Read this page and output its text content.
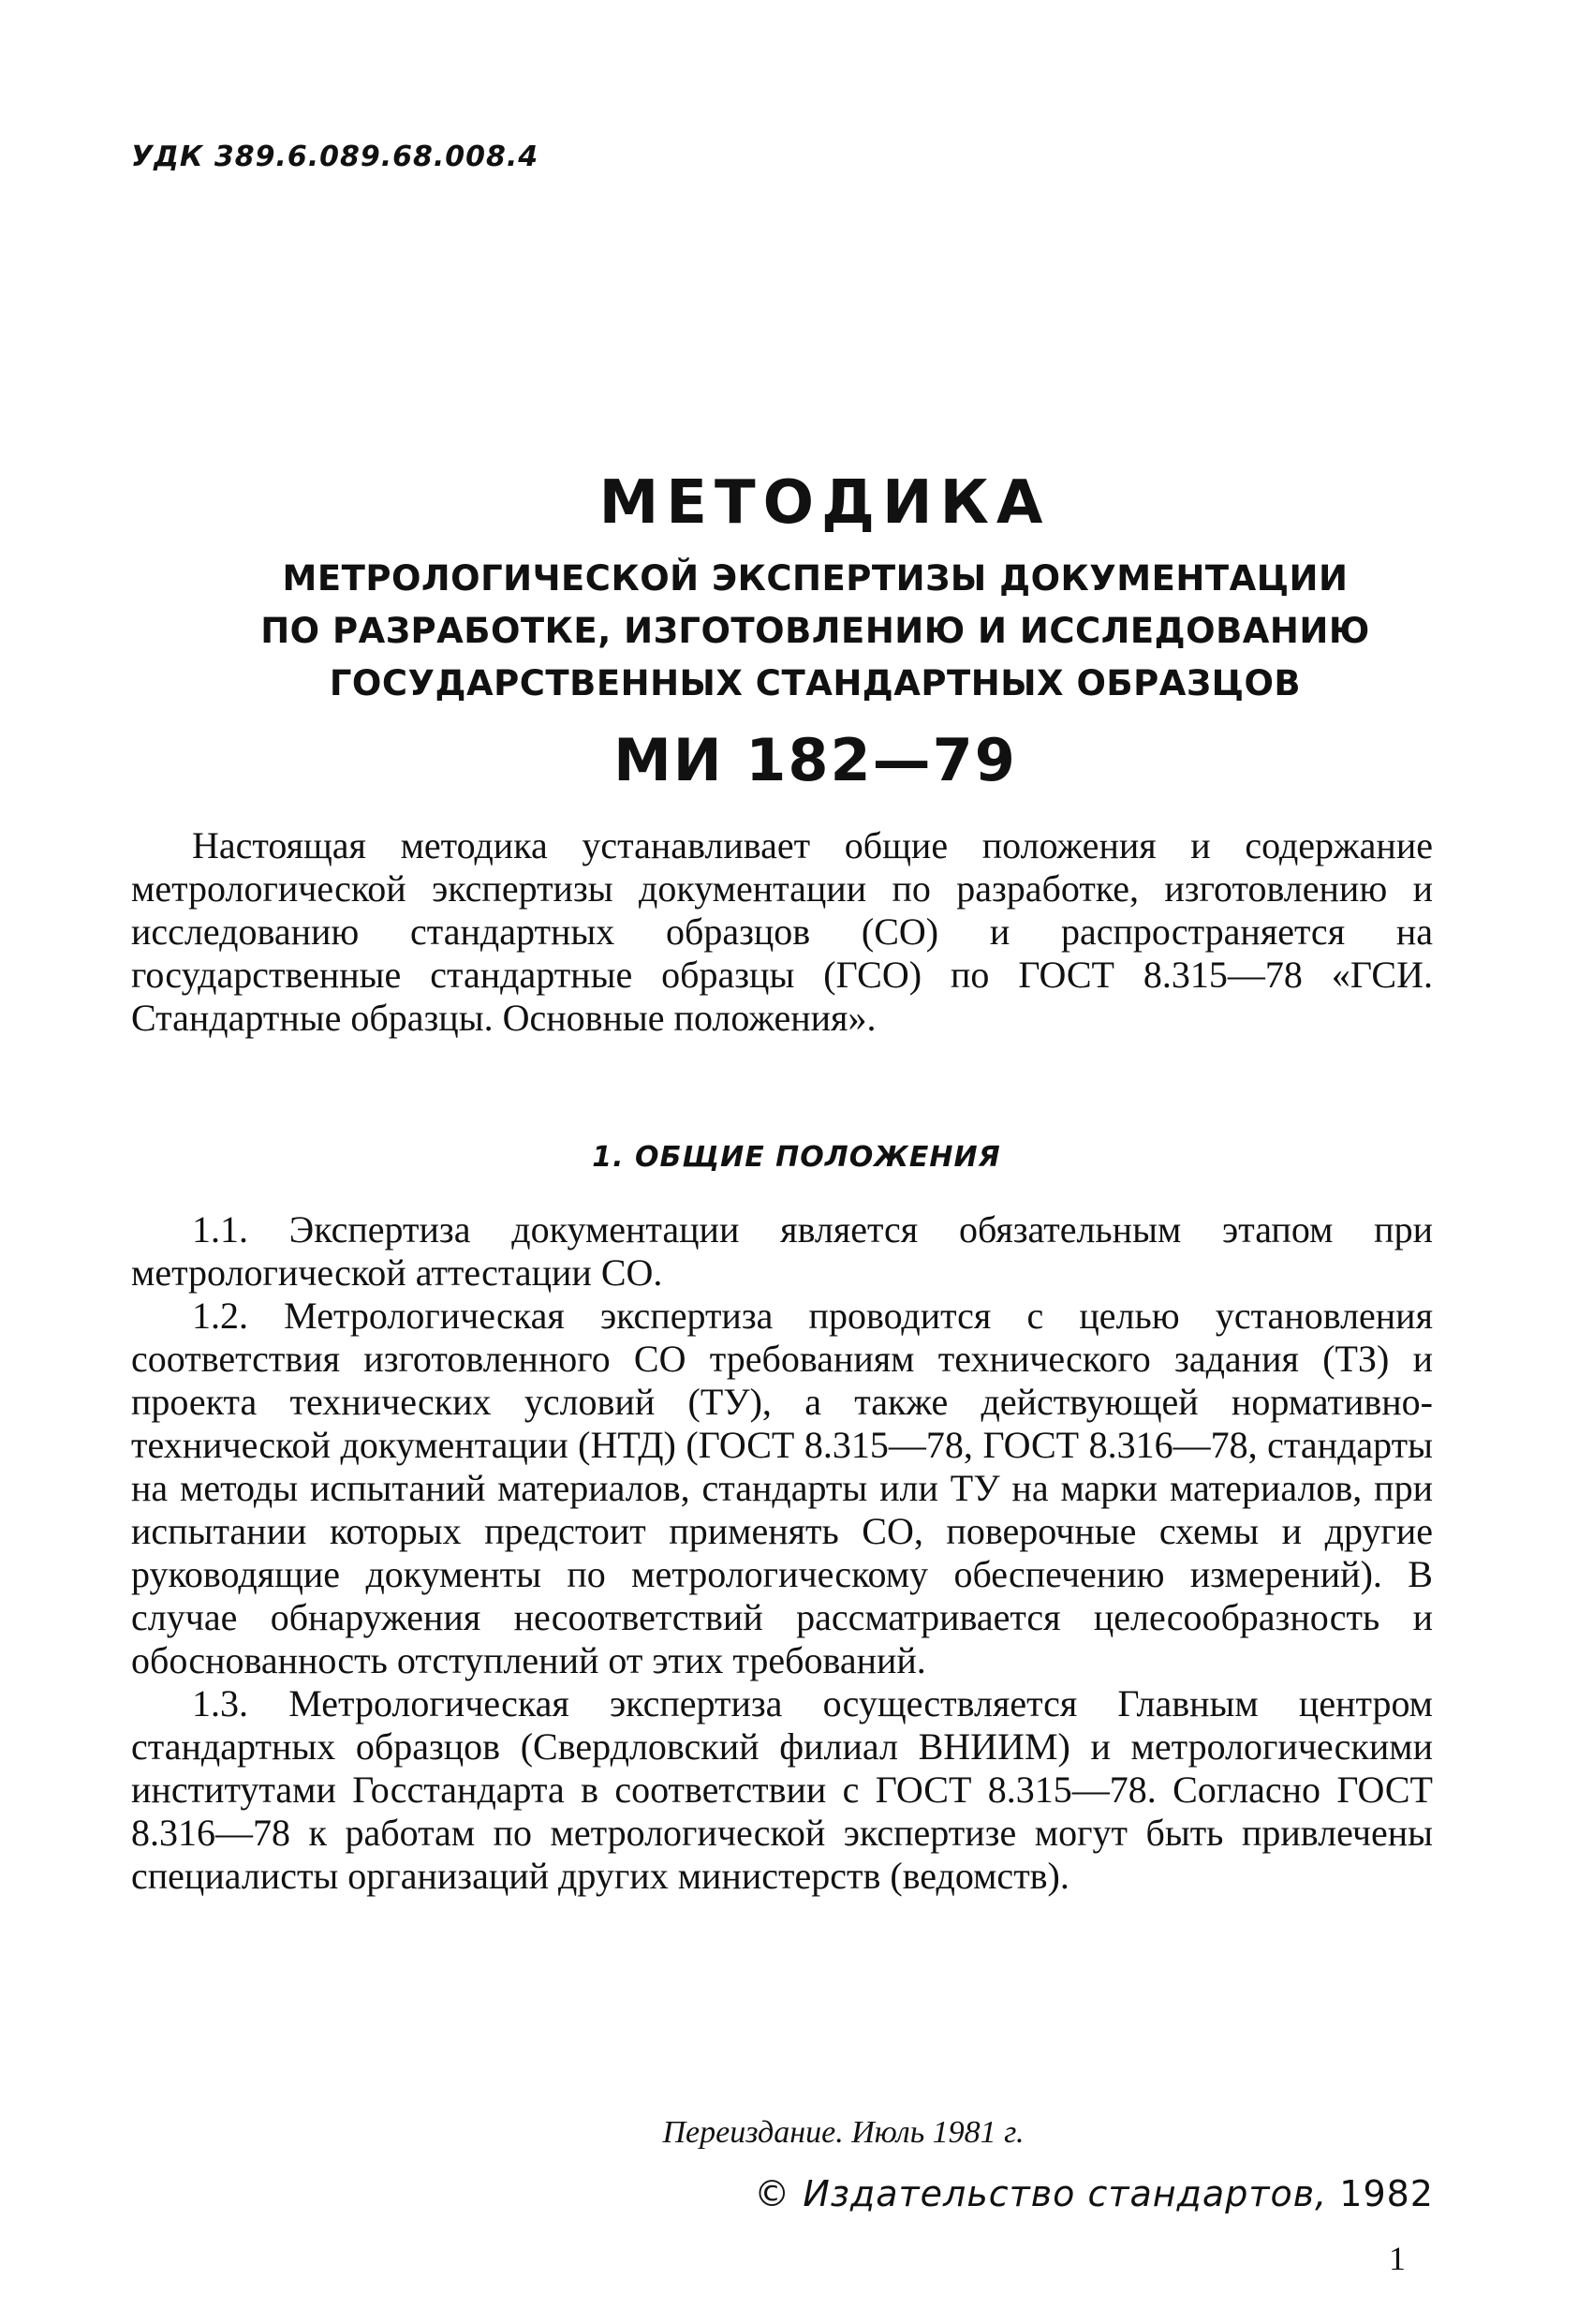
УДК 389.6.089.68.008.4
МЕТОДИКА
МЕТРОЛОГИЧЕСКОЙ ЭКСПЕРТИЗЫ ДОКУМЕНТАЦИИ
ПО РАЗРАБОТКЕ, ИЗГОТОВЛЕНИЮ И ИССЛЕДОВАНИЮ
ГОСУДАРСТВЕННЫХ СТАНДАРТНЫХ ОБРАЗЦОВ
МИ 182—79

Настоящая методика устанавливает общие положения и содержание метрологической экспертизы документации по разработке, изготовлению и исследованию стандартных образцов (СО) и распространяется на государственные стандартные образцы (ГСО) по ГОСТ 8.315—78 «ГСИ. Стандартные образцы. Основные положения».

1. ОБЩИЕ ПОЛОЖЕНИЯ

1.1. Экспертиза документации является обязательным этапом при метрологической аттестации СО.

1.2. Метрологическая экспертиза проводится с целью установления соответствия изготовленного СО требованиям технического задания (ТЗ) и проекта технических условий (ТУ), а также действующей нормативно-технической документации (НТД) (ГОСТ 8.315—78, ГОСТ 8.316—78, стандарты на методы испытаний материалов, стандарты или ТУ на марки материалов, при испытании которых предстоит применять СО, поверочные схемы и другие руководящие документы по метрологическому обеспечению измерений). В случае обнаружения несоответствий рассматривается целесообразность и обоснованность отступлений от этих требований.

1.3. Метрологическая экспертиза осуществляется Главным центром стандартных образцов (Свердловский филиал ВНИИМ) и метрологическими институтами Госстандарта в соответствии с ГОСТ 8.315—78. Согласно ГОСТ 8.316—78 к работам по метрологической экспертизе могут быть привлечены специалисты организаций других министерств (ведомств).

Переиздание. Июль 1981 г.
© Издательство стандартов, 1982
1
